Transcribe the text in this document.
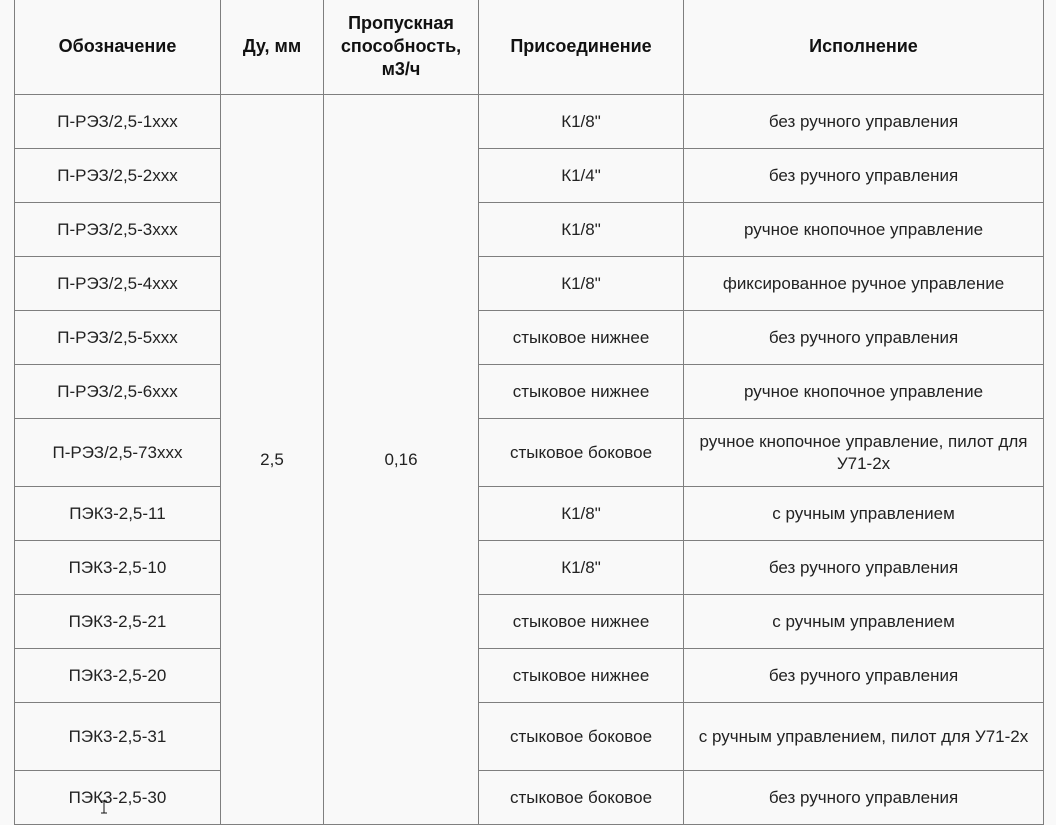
Обозначение	Ду, мм	Пропускная способность, м3/ч	Присоединение	Исполнение
П-РЭЗ/2,5-1xxx	2,5	0,16	К1/8"	без ручного управления
П-РЭЗ/2,5-2xxx			К1/4"	без ручного управления
П-РЭЗ/2,5-3xxx			К1/8"	ручное кнопочное управление
П-РЭЗ/2,5-4xxx			К1/8"	фиксированное ручное управление
П-РЭЗ/2,5-5xxx			стыковое нижнее	без ручного управления
П-РЭЗ/2,5-6xxx			стыковое нижнее	ручное кнопочное управление
П-РЭЗ/2,5-73xxx			стыковое боковое	ручное кнопочное управление, пилот для У71-2х
ПЭК3-2,5-11			К1/8"	с ручным управлением
ПЭК3-2,5-10			К1/8"	без ручного управления
ПЭК3-2,5-21			стыковое нижнее	с ручным управлением
ПЭК3-2,5-20			стыковое нижнее	без ручного управления
ПЭК3-2,5-31			стыковое боковое	с ручным управлением, пилот для У71-2х
ПЭК3-2,5-30			стыковое боковое	без ручного управления
